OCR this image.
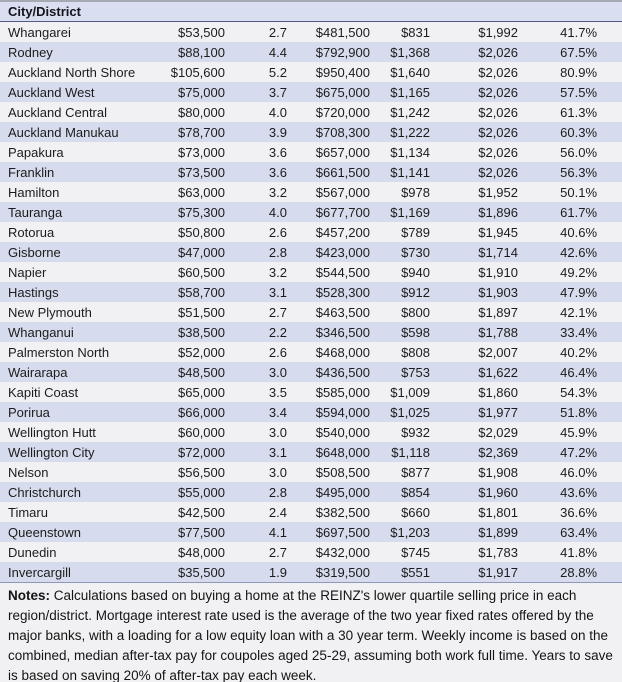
City/District						
Whangarei	$53,500	2.7	$481,500	$831	$1,992	41.7%
Rodney	$88,100	4.4	$792,900	$1,368	$2,026	67.5%
Auckland North Shore	$105,600	5.2	$950,400	$1,640	$2,026	80.9%
Auckland West	$75,000	3.7	$675,000	$1,165	$2,026	57.5%
Auckland Central	$80,000	4.0	$720,000	$1,242	$2,026	61.3%
Auckland Manukau	$78,700	3.9	$708,300	$1,222	$2,026	60.3%
Papakura	$73,000	3.6	$657,000	$1,134	$2,026	56.0%
Franklin	$73,500	3.6	$661,500	$1,141	$2,026	56.3%
Hamilton	$63,000	3.2	$567,000	$978	$1,952	50.1%
Tauranga	$75,300	4.0	$677,700	$1,169	$1,896	61.7%
Rotorua	$50,800	2.6	$457,200	$789	$1,945	40.6%
Gisborne	$47,000	2.8	$423,000	$730	$1,714	42.6%
Napier	$60,500	3.2	$544,500	$940	$1,910	49.2%
Hastings	$58,700	3.1	$528,300	$912	$1,903	47.9%
New Plymouth	$51,500	2.7	$463,500	$800	$1,897	42.1%
Whanganui	$38,500	2.2	$346,500	$598	$1,788	33.4%
Palmerston North	$52,000	2.6	$468,000	$808	$2,007	40.2%
Wairarapa	$48,500	3.0	$436,500	$753	$1,622	46.4%
Kapiti Coast	$65,000	3.5	$585,000	$1,009	$1,860	54.3%
Porirua	$66,000	3.4	$594,000	$1,025	$1,977	51.8%
Wellington Hutt	$60,000	3.0	$540,000	$932	$2,029	45.9%
Wellington City	$72,000	3.1	$648,000	$1,118	$2,369	47.2%
Nelson	$56,500	3.0	$508,500	$877	$1,908	46.0%
Christchurch	$55,000	2.8	$495,000	$854	$1,960	43.6%
Timaru	$42,500	2.4	$382,500	$660	$1,801	36.6%
Queenstown	$77,500	4.1	$697,500	$1,203	$1,899	63.4%
Dunedin	$48,000	2.7	$432,000	$745	$1,783	41.8%
Invercargill	$35,500	1.9	$319,500	$551	$1,917	28.8%
Notes: Calculations based on buying a home at the REINZ's lower quartile selling price in each region/district. Mortgage interest rate used is the average of the two year fixed rates offered by the major banks, with a loading for a low equity loan with a 30 year term. Weekly income is based on the combined, median after-tax pay for coupoles aged 25-29, assuming both work full time. Years to save is based on saving 20% of after-tax pay each week.
